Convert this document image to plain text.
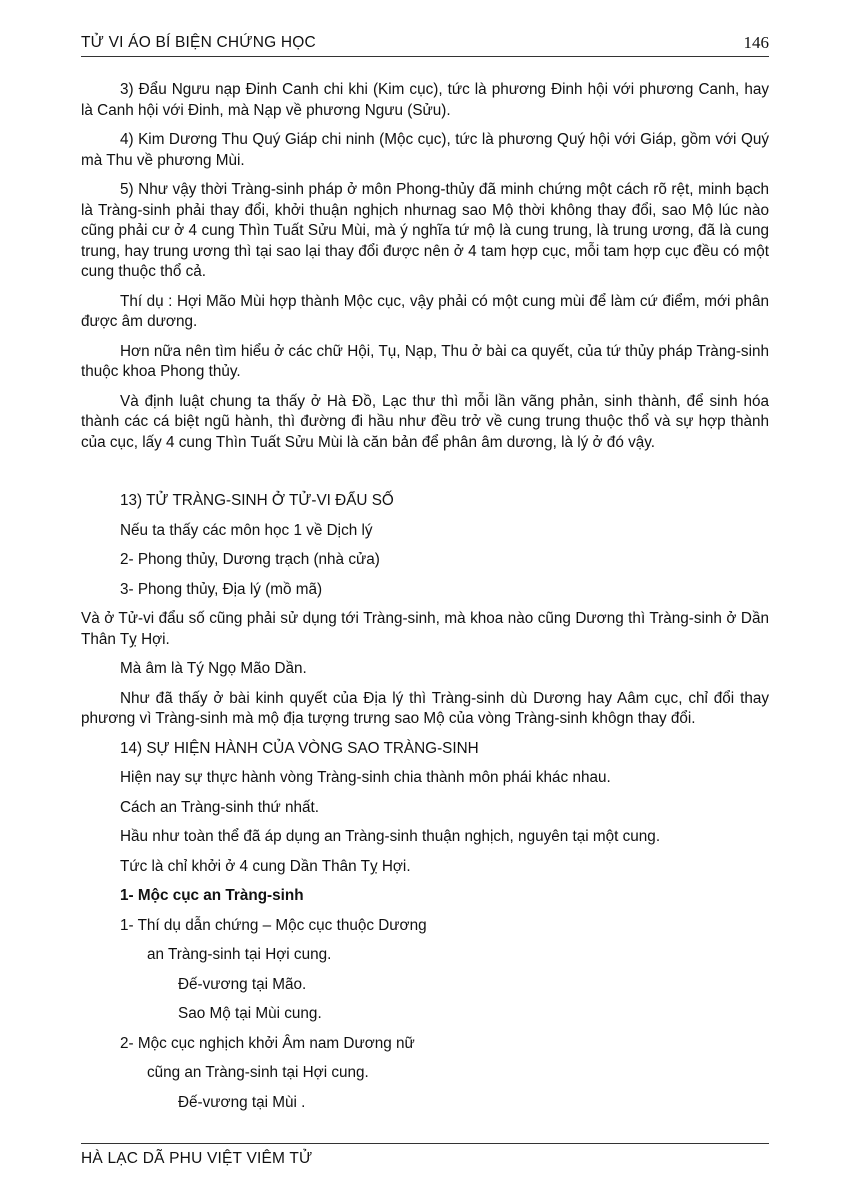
TỬ VI ÁO BÍ BIỆN CHỨNG HỌC	146

3) Đẩu Ngưu nạp Đinh Canh chi khi (Kim cục), tức là phương Đinh hội với phương Canh, hay là Canh hội với Đinh, mà Nạp về phương Ngưu (Sửu).

4) Kim Dương Thu Quý Giáp chi ninh (Mộc cục), tức là phương Quý hội với Giáp, gồm với Quý mà Thu về phương Mùi.

5) Như vậy thời Tràng-sinh pháp ở môn Phong-thủy đã minh chứng một cách rõ rệt, minh bạch là Tràng-sinh phải thay đổi, khởi thuận nghịch nhưnag sao Mộ thời không thay đổi, sao Mộ lúc nào cũng phải cư ở 4 cung Thìn Tuất Sửu Mùi, mà ý nghĩa tứ mộ là cung trung, là trung ương, đã là cung trung, hay trung ương thì tại sao lại thay đổi được nên ở 4 tam hợp cục, mỗi tam hợp cục đều có một cung thuộc thổ cả.

Thí dụ : Hợi Mão Mùi hợp thành Mộc cục, vậy phải có một cung mùi để làm cứ điểm, mới phân được âm dương.

Hơn nữa nên tìm hiểu ở các chữ Hội, Tụ, Nạp, Thu ở bài ca quyết, của tứ thủy pháp Tràng-sinh thuộc khoa Phong thủy.

Và định luật chung ta thấy ở Hà Đồ, Lạc thư thì mỗi lần vãng phản, sinh thành, để sinh hóa thành các cá biệt ngũ hành, thì đường đi hầu như đều trở về cung trung thuộc thổ và sự hợp thành của cục, lấy 4 cung Thìn Tuất Sửu Mùi là căn bản để phân âm dương, là lý ở đó vậy.

13) TỬ TRÀNG-SINH Ở TỬ-VI ĐẨU SỐ

Nếu ta thấy các môn học 1 về Dịch lý

2- Phong thủy, Dương trạch (nhà cửa)

3- Phong thủy, Địa lý (mồ mã)

Và ở Tử-vi đẩu số cũng phải sử dụng tới Tràng-sinh, mà khoa nào cũng Dương thì Tràng-sinh ở Dần Thân Tỵ Hợi.

Mà âm là Tý Ngọ Mão Dần.

Như đã thấy ở bài kinh quyết của Địa lý thì Tràng-sinh dù Dương hay Aâm cục, chỉ đổi thay phương vì Tràng-sinh mà mộ địa tượng trưng sao Mộ của vòng Tràng-sinh khôgn thay đổi.

14) SỰ HIỆN HÀNH CỦA VÒNG SAO TRÀNG-SINH

Hiện nay sự thực hành vòng Tràng-sinh chia thành môn phái khác nhau.

Cách an Tràng-sinh thứ nhất.

Hầu như toàn thể đã áp dụng an Tràng-sinh thuận nghịch, nguyên tại một cung.

Tức là chỉ khởi ở 4 cung Dần Thân Tỵ Hợi.

1- Mộc cục an Tràng-sinh

1- Thí dụ dẫn chứng – Mộc cục thuộc Dương

an Tràng-sinh tại Hợi cung.

Đế-vương tại Mão.

Sao Mộ tại Mùi cung.

2- Mộc cục nghịch khởi Âm nam Dương nữ

cũng an Tràng-sinh tại Hợi cung.

Đế-vương tại Mùi .

HÀ LẠC DÃ PHU VIỆT VIÊM TỬ
